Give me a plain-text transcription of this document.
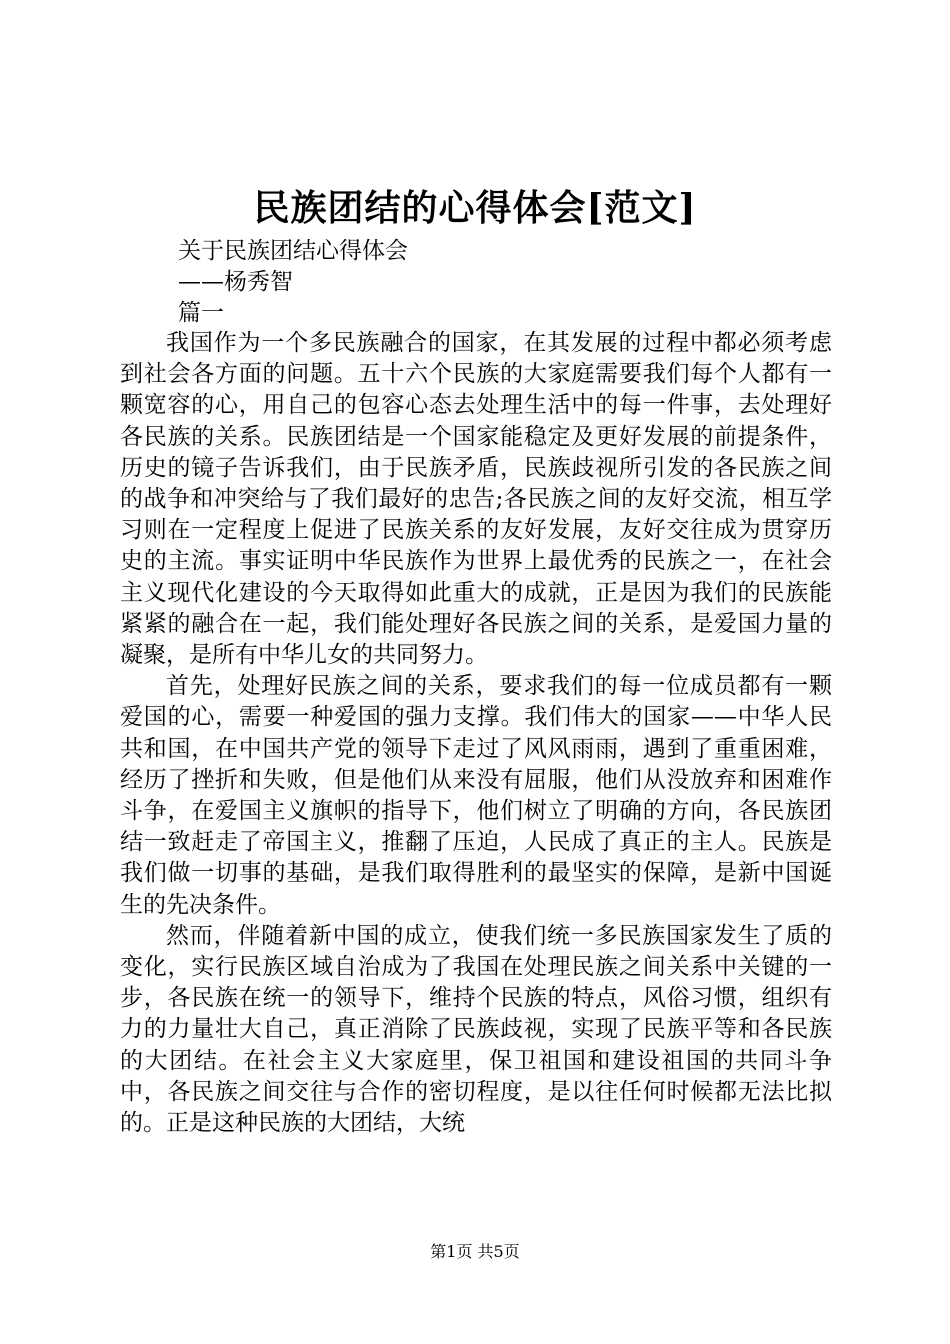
民族团结的心得体会[范文]
关于民族团结心得体会
——杨秀智
篇一

我国作为一个多民族融合的国家，在其发展的过程中都必须考虑到社会各方面的问题。五十六个民族的大家庭需要我们每个人都有一颗宽容的心，用自己的包容心态去处理生活中的每一件事，去处理好各民族的关系。民族团结是一个国家能稳定及更好发展的前提条件，历史的镜子告诉我们，由于民族矛盾，民族歧视所引发的各民族之间的战争和冲突给与了我们最好的忠告;各民族之间的友好交流，相互学习则在一定程度上促进了民族关系的友好发展，友好交往成为贯穿历史的主流。事实证明中华民族作为世界上最优秀的民族之一，在社会主义现代化建设的今天取得如此重大的成就，正是因为我们的民族能紧紧的融合在一起，我们能处理好各民族之间的关系，是爱国力量的凝聚，是所有中华儿女的共同努力。

首先，处理好民族之间的关系，要求我们的每一位成员都有一颗爱国的心，需要一种爱国的强力支撑。我们伟大的国家——中华人民共和国，在中国共产党的领导下走过了风风雨雨，遇到了重重困难，经历了挫折和失败，但是他们从来没有屈服，他们从没放弃和困难作斗争，在爱国主义旗帜的指导下，他们树立了明确的方向，各民族团结一致赶走了帝国主义，推翻了压迫，人民成了真正的主人。民族是我们做一切事的基础，是我们取得胜利的最坚实的保障，是新中国诞生的先决条件。

然而，伴随着新中国的成立，使我们统一多民族国家发生了质的变化，实行民族区域自治成为了我国在处理民族之间关系中关键的一步，各民族在统一的领导下，维持个民族的特点，风俗习惯，组织有力的力量壮大自己，真正消除了民族歧视，实现了民族平等和各民族的大团结。在社会主义大家庭里，保卫祖国和建设祖国的共同斗争中，各民族之间交往与合作的密切程度，是以往任何时候都无法比拟的。正是这种民族的大团结，大统

第1页 共5页
